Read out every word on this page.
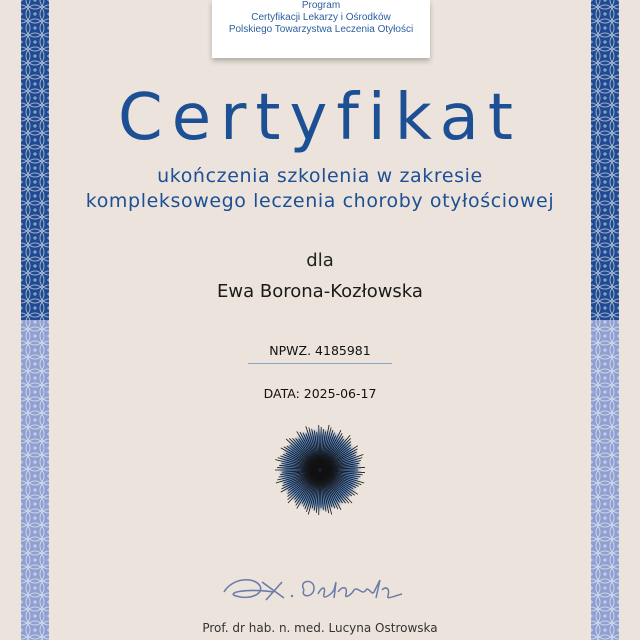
Program
Certyfikacji Lekarzy i Ośrodków
Polskiego Towarzystwa Leczenia Otyłości
Certyfikat
ukończenia szkolenia w zakresie
kompleksowego leczenia choroby otyłościowej
dla
Ewa Borona-Kozłowska
NPWZ. 4185981
DATA: 2025-06-17
Prof. dr hab. n. med. Lucyna Ostrowska
